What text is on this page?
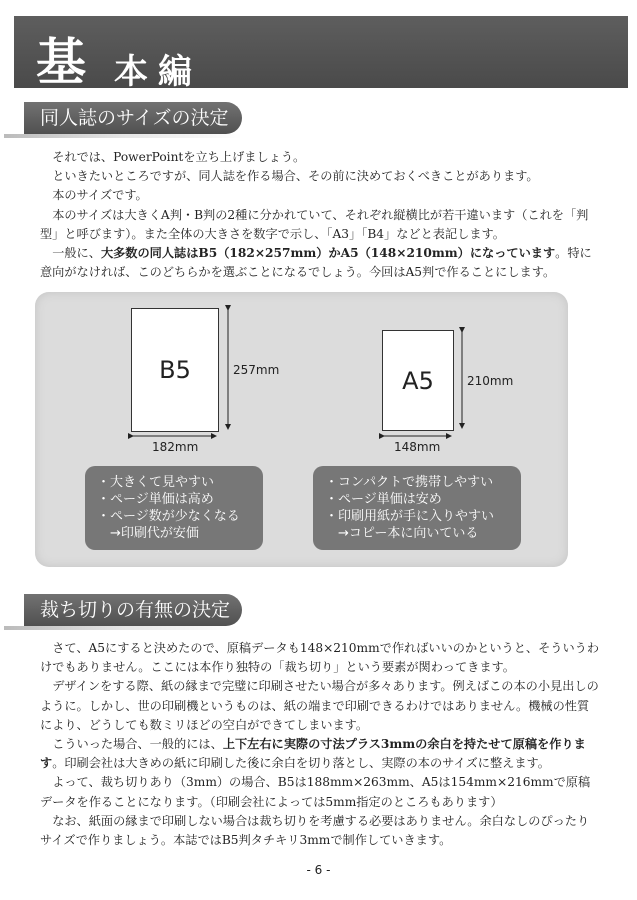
基 本編
同人誌のサイズの決定

それでは、PowerPointを立ち上げましょう。

といきたいところですが、同人誌を作る場合、その前に決めておくべきことがあります。

本のサイズです。

本のサイズは大きくA判・B判の2種に分かれていて、それぞれ縦横比が若干違います（これを「判型」と呼びます）。また全体の大きさを数字で示し、「A3」「B4」などと表記します。

一般に、大多数の同人誌はB5（182×257mm）かA5（148×210mm）になっています。特に意向がなければ、このどちらかを選ぶことになるでしょう。今回はA5判で作ることにします。

B5	A5
257mm
182mm
210mm
148mm
・大きくて見やすい
・ページ単価は高め
・ページ数が少なくなる
　→印刷代が安価
・コンパクトで携帯しやすい
・ページ単価は安め
・印刷用紙が手に入りやすい
　→コピー本に向いている
裁ち切りの有無の決定

さて、A5にすると決めたので、原稿データも148×210mmで作ればいいのかというと、そういうわけでもありません。ここには本作り独特の「裁ち切り」という要素が関わってきます。

デザインをする際、紙の縁まで完璧に印刷させたい場合が多々あります。例えばこの本の小見出しのように。しかし、世の印刷機というものは、紙の端まで印刷できるわけではありません。機械の性質により、どうしても数ミリほどの空白ができてしまいます。

こういった場合、一般的には、上下左右に実際の寸法プラス3mmの余白を持たせて原稿を作ります。印刷会社は大きめの紙に印刷した後に余白を切り落とし、実際の本のサイズに整えます。

よって、裁ち切りあり（3mm）の場合、B5は188mm×263mm、A5は154mm×216mmで原稿データを作ることになります。（印刷会社によっては5mm指定のところもあります）

なお、紙面の縁まで印刷しない場合は裁ち切りを考慮する必要はありません。余白なしのぴったりサイズで作りましょう。本誌ではB5判タチキリ3mmで制作していきます。

- 6 -
